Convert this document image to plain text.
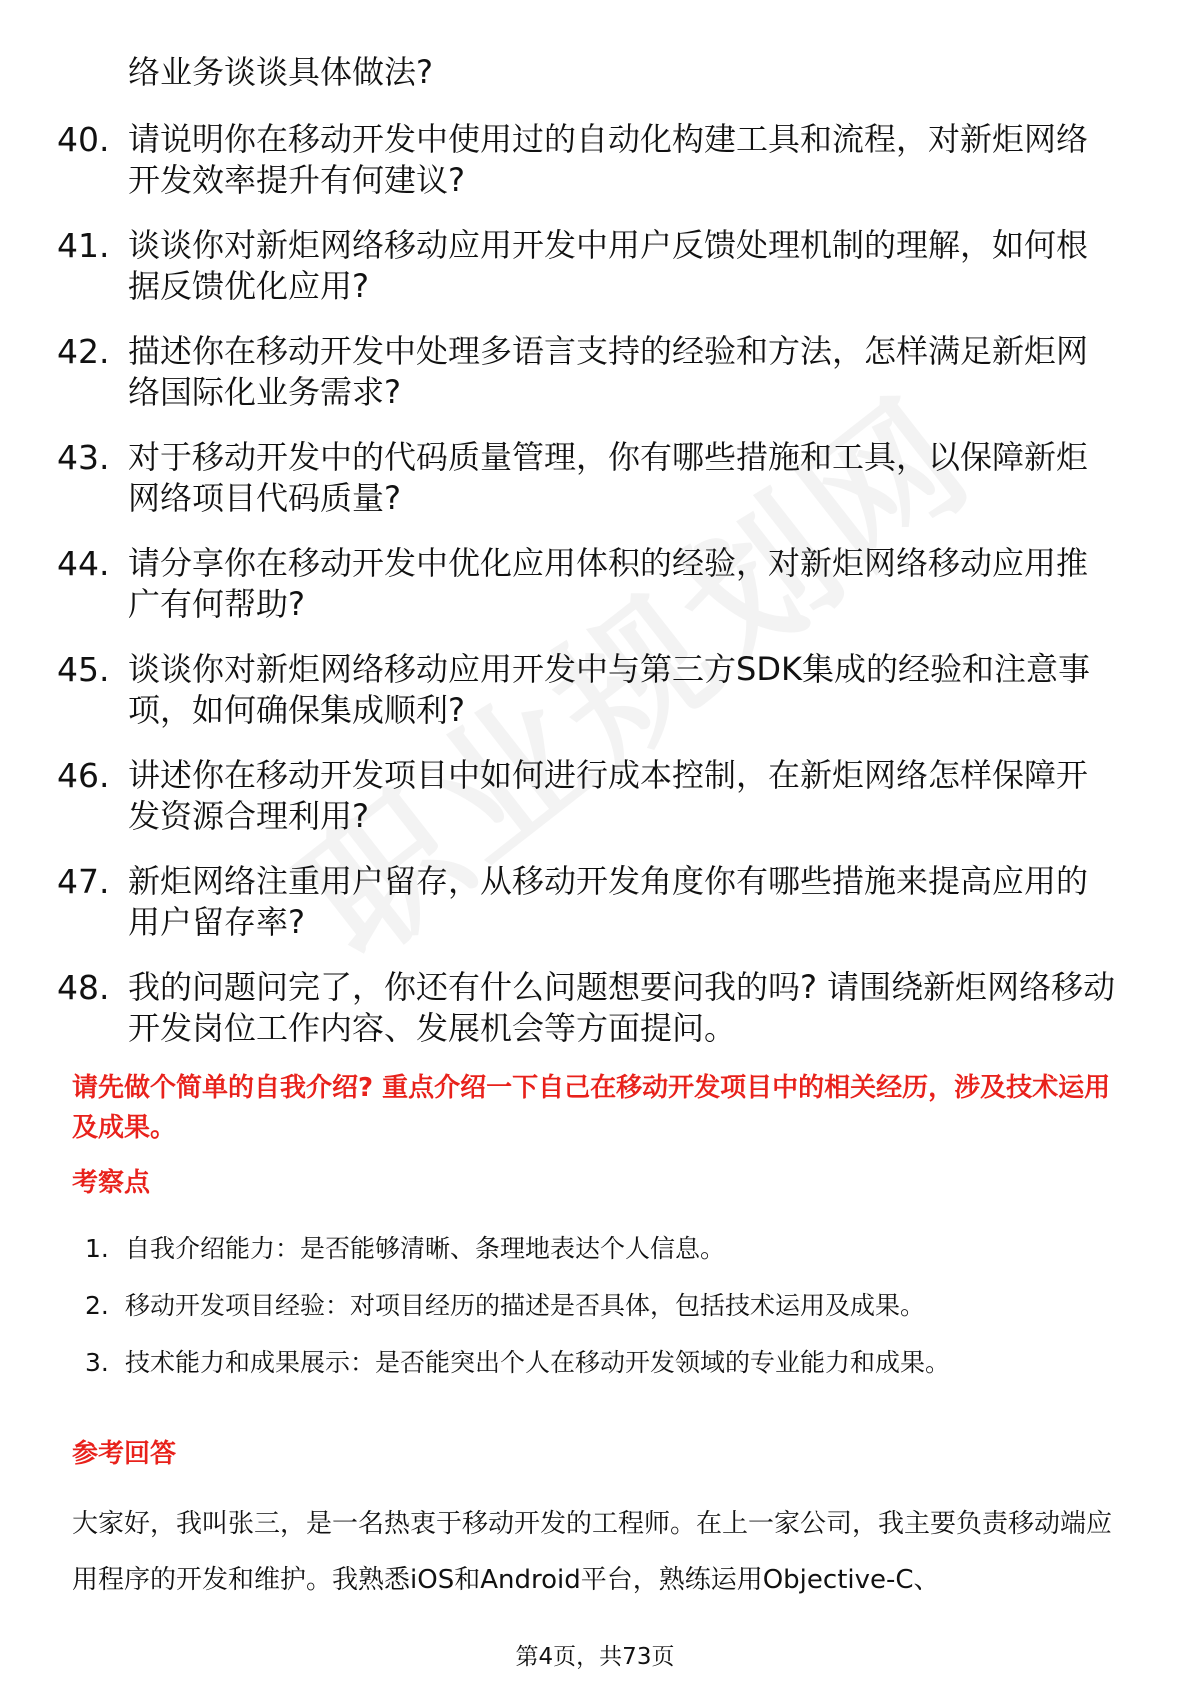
络业务谈谈具体做法?
40. 请说明你在移动开发中使用过的自动化构建工具和流程，对新炬网络开发效率提升有何建议?
41. 谈谈你对新炬网络移动应用开发中用户反馈处理机制的理解，如何根据反馈优化应用?
42. 描述你在移动开发中处理多语言支持的经验和方法，怎样满足新炬网络国际化业务需求?
43. 对于移动开发中的代码质量管理，你有哪些措施和工具，以保障新炬网络项目代码质量?
44. 请分享你在移动开发中优化应用体积的经验，对新炬网络移动应用推广有何帮助?
45. 谈谈你对新炬网络移动应用开发中与第三方SDK集成的经验和注意事项，如何确保集成顺利?
46. 讲述你在移动开发项目中如何进行成本控制，在新炬网络怎样保障开发资源合理利用?
47. 新炬网络注重用户留存，从移动开发角度你有哪些措施来提高应用的用户留存率?
48. 我的问题问完了，你还有什么问题想要问我的吗? 请围绕新炬网络移动开发岗位工作内容、发展机会等方面提问。
请先做个简单的自我介绍? 重点介绍一下自己在移动开发项目中的相关经历，涉及技术运用及成果。
考察点
1. 自我介绍能力：是否能够清晰、条理地表达个人信息。
2. 移动开发项目经验：对项目经历的描述是否具体，包括技术运用及成果。
3. 技术能力和成果展示：是否能突出个人在移动开发领域的专业能力和成果。
参考回答
大家好，我叫张三，是一名热衷于移动开发的工程师。在上一家公司，我主要负责移动端应用程序的开发和维护。我熟悉iOS和Android平台，熟练运用Objective-C、
第4页，共73页
